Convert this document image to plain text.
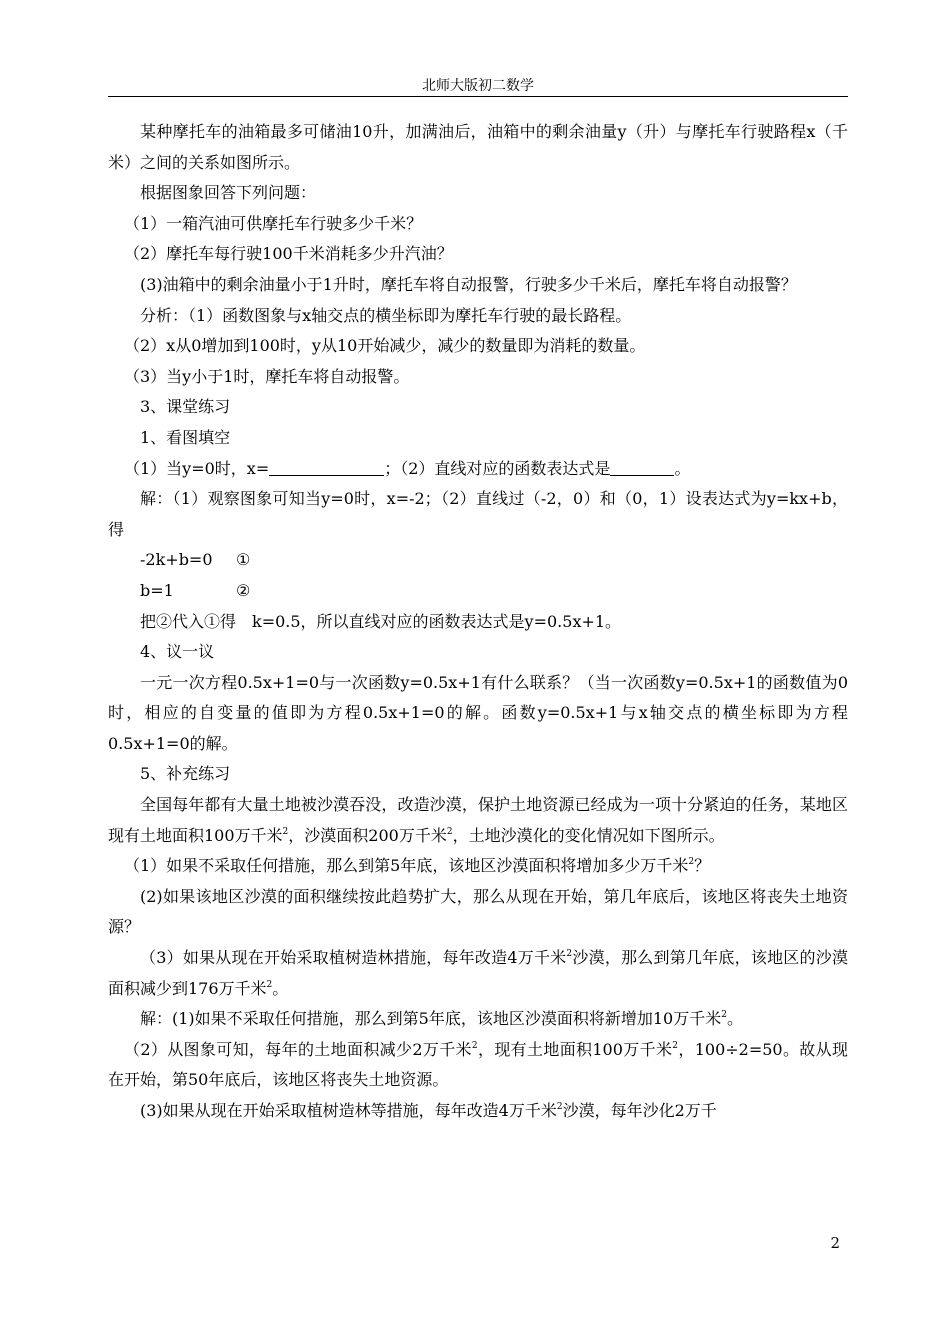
北师大版初二数学

某种摩托车的油箱最多可储油10升，加满油后，油箱中的剩余油量y（升）与摩托车行驶路程x（千米）之间的关系如图所示。

根据图象回答下列问题：

（1）一箱汽油可供摩托车行驶多少千米？

（2）摩托车每行驶100千米消耗多少升汽油？

(3)油箱中的剩余油量小于1升时，摩托车将自动报警，行驶多少千米后，摩托车将自动报警？

分析：（1）函数图象与x轴交点的横坐标即为摩托车行驶的最长路程。

（2）x从0增加到100时，y从10开始减少，减少的数量即为消耗的数量。

（3）当y小于1时，摩托车将自动报警。

3、课堂练习

1、看图填空

（1）当y=0时，x=	；（2）直线对应的函数表达式是	。

解：（1）观察图象可知当y=0时，x=-2；（2）直线过（-2，0）和（0，1）设表达式为y=kx+b，得

-2k+b=0 ①

b=1	②

把②代入①得　k=0.5，所以直线对应的函数表达式是y=0.5x+1。

4、议一议

一元一次方程0.5x+1=0与一次函数y=0.5x+1有什么联系？（当一次函数y=0.5x+1的函数值为0时，相应的自变量的值即为方程0.5x+1=0的解。函数y=0.5x+1与x轴交点的横坐标即为方程0.5x+1=0的解。

5、补充练习

全国每年都有大量土地被沙漠吞没，改造沙漠，保护土地资源已经成为一项十分紧迫的任务，某地区现有土地面积100万千米$^2$，沙漠面积200万千米$^2$，土地沙漠化的变化情况如下图所示。

（1）如果不采取任何措施，那么到第5年底，该地区沙漠面积将增加多少万千米$^2$？

(2)如果该地区沙漠的面积继续按此趋势扩大，那么从现在开始，第几年底后，该地区将丧失土地资源？

（3）如果从现在开始采取植树造林措施，每年改造4万千米$^2$沙漠，那么到第几年底，该地区的沙漠面积减少到176万千米$^2$。

解：(1)如果不采取任何措施，那么到第5年底，该地区沙漠面积将新增加10万千米$^2$。

（2）从图象可知，每年的土地面积减少2万千米$^2$，现有土地面积100万千米$^2$，100÷2=50。故从现在开始，第50年底后，该地区将丧失土地资源。

(3)如果从现在开始采取植树造林等措施，每年改造4万千米$^2$沙漠，每年沙化2万千

2
